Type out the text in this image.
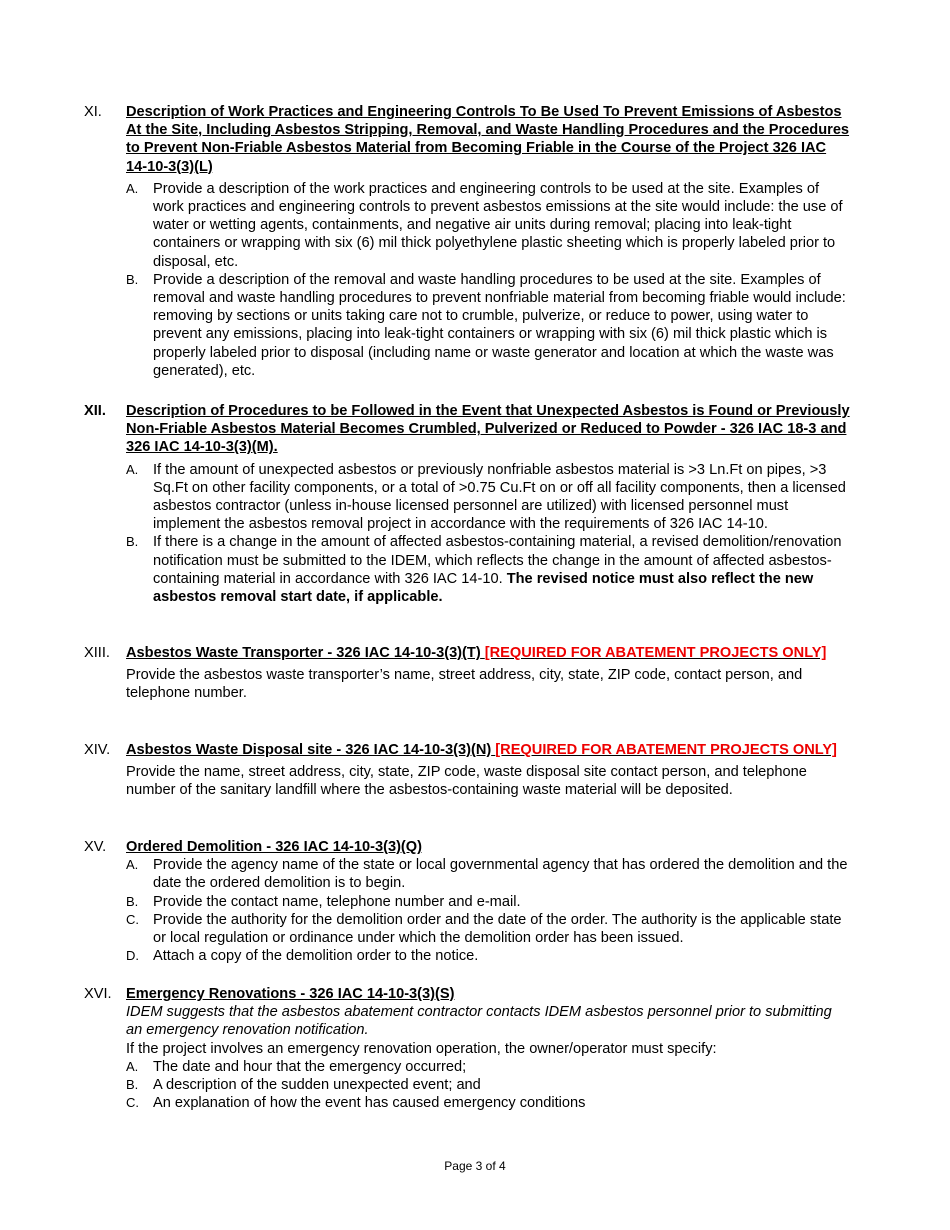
XI. Description of Work Practices and Engineering Controls To Be Used To Prevent Emissions of Asbestos At the Site, Including Asbestos Stripping, Removal, and Waste Handling Procedures and the Procedures to Prevent Non-Friable Asbestos Material from Becoming Friable in the Course of the Project 326 IAC 14-10-3(3)(L)
A. Provide a description of the work practices and engineering controls to be used at the site. Examples of work practices and engineering controls to prevent asbestos emissions at the site would include: the use of water or wetting agents, containments, and negative air units during removal; placing into leak-tight containers or wrapping with six (6) mil thick polyethylene plastic sheeting which is properly labeled prior to disposal, etc.
B. Provide a description of the removal and waste handling procedures to be used at the site. Examples of removal and waste handling procedures to prevent nonfriable material from becoming friable would include: removing by sections or units taking care not to crumble, pulverize, or reduce to power, using water to prevent any emissions, placing into leak-tight containers or wrapping with six (6) mil thick plastic which is properly labeled prior to disposal (including name or waste generator and location at which the waste was generated), etc.
XII. Description of Procedures to be Followed in the Event that Unexpected Asbestos is Found or Previously Non-Friable Asbestos Material Becomes Crumbled, Pulverized or Reduced to Powder - 326 IAC 18-3 and 326 IAC 14-10-3(3)(M).
A. If the amount of unexpected asbestos or previously nonfriable asbestos material is >3 Ln.Ft on pipes, >3 Sq.Ft on other facility components, or a total of >0.75 Cu.Ft on or off all facility components, then a licensed asbestos contractor (unless in-house licensed personnel are utilized) with licensed personnel must implement the asbestos removal project in accordance with the requirements of 326 IAC 14-10.
B. If there is a change in the amount of affected asbestos-containing material, a revised demolition/renovation notification must be submitted to the IDEM, which reflects the change in the amount of affected asbestos-containing material in accordance with 326 IAC 14-10. The revised notice must also reflect the new asbestos removal start date, if applicable.
XIII. Asbestos Waste Transporter - 326 IAC 14-10-3(3)(T) [REQUIRED FOR ABATEMENT PROJECTS ONLY]
Provide the asbestos waste transporter’s name, street address, city, state, ZIP code, contact person, and telephone number.
XIV. Asbestos Waste Disposal site - 326 IAC 14-10-3(3)(N) [REQUIRED FOR ABATEMENT PROJECTS ONLY]
Provide the name, street address, city, state, ZIP code, waste disposal site contact person, and telephone number of the sanitary landfill where the asbestos-containing waste material will be deposited.
XV. Ordered Demolition - 326 IAC 14-10-3(3)(Q)
A. Provide the agency name of the state or local governmental agency that has ordered the demolition and the date the ordered demolition is to begin.
B. Provide the contact name, telephone number and e-mail.
C. Provide the authority for the demolition order and the date of the order. The authority is the applicable state or local regulation or ordinance under which the demolition order has been issued.
D. Attach a copy of the demolition order to the notice.
XVI. Emergency Renovations - 326 IAC 14-10-3(3)(S)
IDEM suggests that the asbestos abatement contractor contacts IDEM asbestos personnel prior to submitting an emergency renovation notification.
If the project involves an emergency renovation operation, the owner/operator must specify:
A. The date and hour that the emergency occurred;
B. A description of the sudden unexpected event; and
C. An explanation of how the event has caused emergency conditions
Page 3 of 4
